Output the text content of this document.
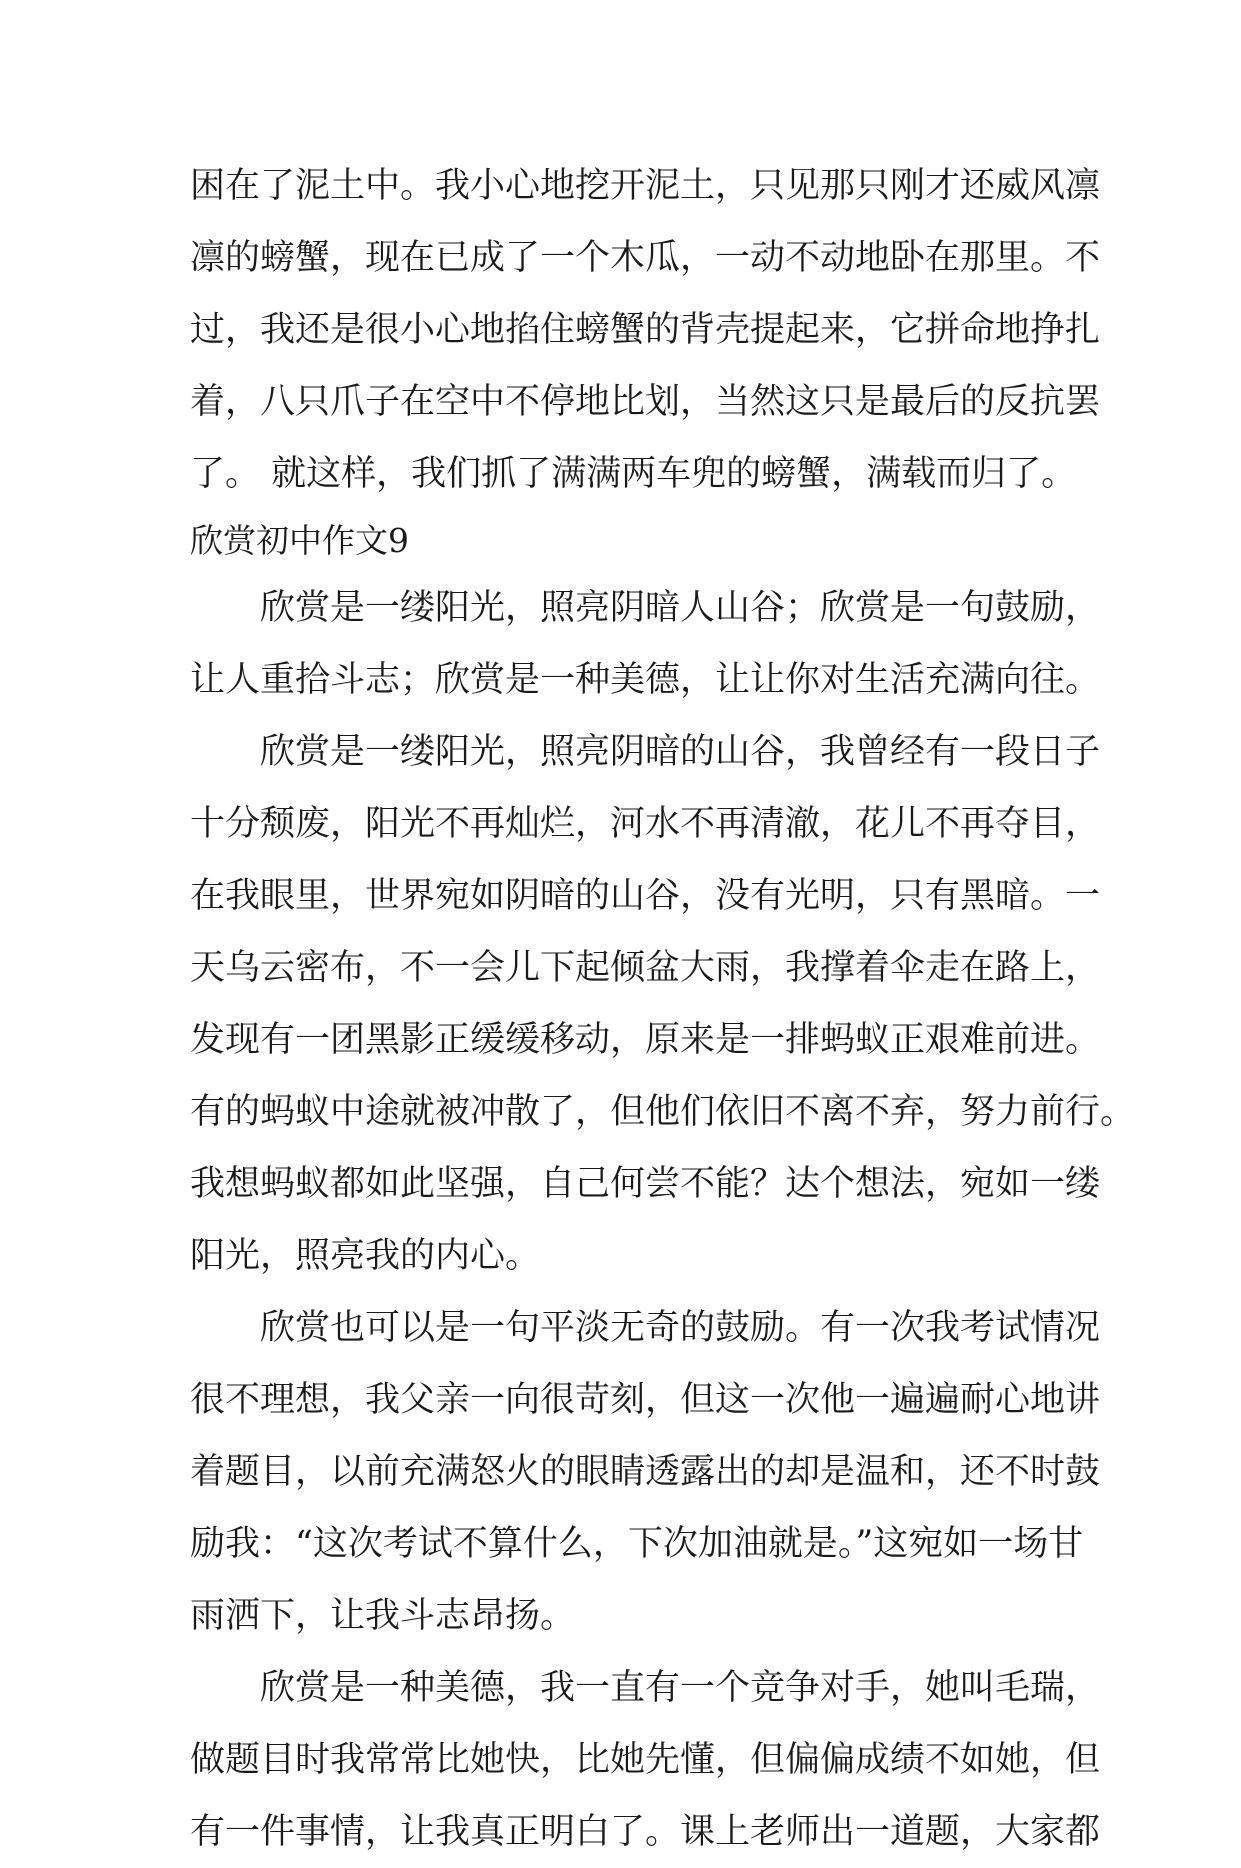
困在了泥土中。我小心地挖开泥土，只见那只刚才还威风凛
凛的螃蟹，现在已成了一个木瓜，一动不动地卧在那里。不
过，我还是很小心地掐住螃蟹的背壳提起来，它拼命地挣扎
着，八只爪子在空中不停地比划，当然这只是最后的反抗罢
了。 就这样，我们抓了满满两车兜的螃蟹，满载而归了。
欣赏初中作文9
欣赏是一缕阳光，照亮阴暗人山谷；欣赏是一句鼓励，
让人重拾斗志；欣赏是一种美德，让让你对生活充满向往。
欣赏是一缕阳光，照亮阴暗的山谷，我曾经有一段日子
十分颓废，阳光不再灿烂，河水不再清澈，花儿不再夺目，
在我眼里，世界宛如阴暗的山谷，没有光明，只有黑暗。一
天乌云密布，不一会儿下起倾盆大雨，我撑着伞走在路上，
发现有一团黑影正缓缓移动，原来是一排蚂蚁正艰难前进。
有的蚂蚁中途就被冲散了，但他们依旧不离不弃，努力前行。
我想蚂蚁都如此坚强，自己何尝不能？达个想法，宛如一缕
阳光，照亮我的内心。
欣赏也可以是一句平淡无奇的鼓励。有一次我考试情况
很不理想，我父亲一向很苛刻，但这一次他一遍遍耐心地讲
着题目，以前充满怒火的眼睛透露出的却是温和，还不时鼓
励我：“这次考试不算什么，下次加油就是。”这宛如一场甘
雨洒下，让我斗志昂扬。
欣赏是一种美德，我一直有一个竞争对手，她叫毛瑞，
做题目时我常常比她快，比她先懂，但偏偏成绩不如她，但
有一件事情，让我真正明白了。课上老师出一道题，大家都
